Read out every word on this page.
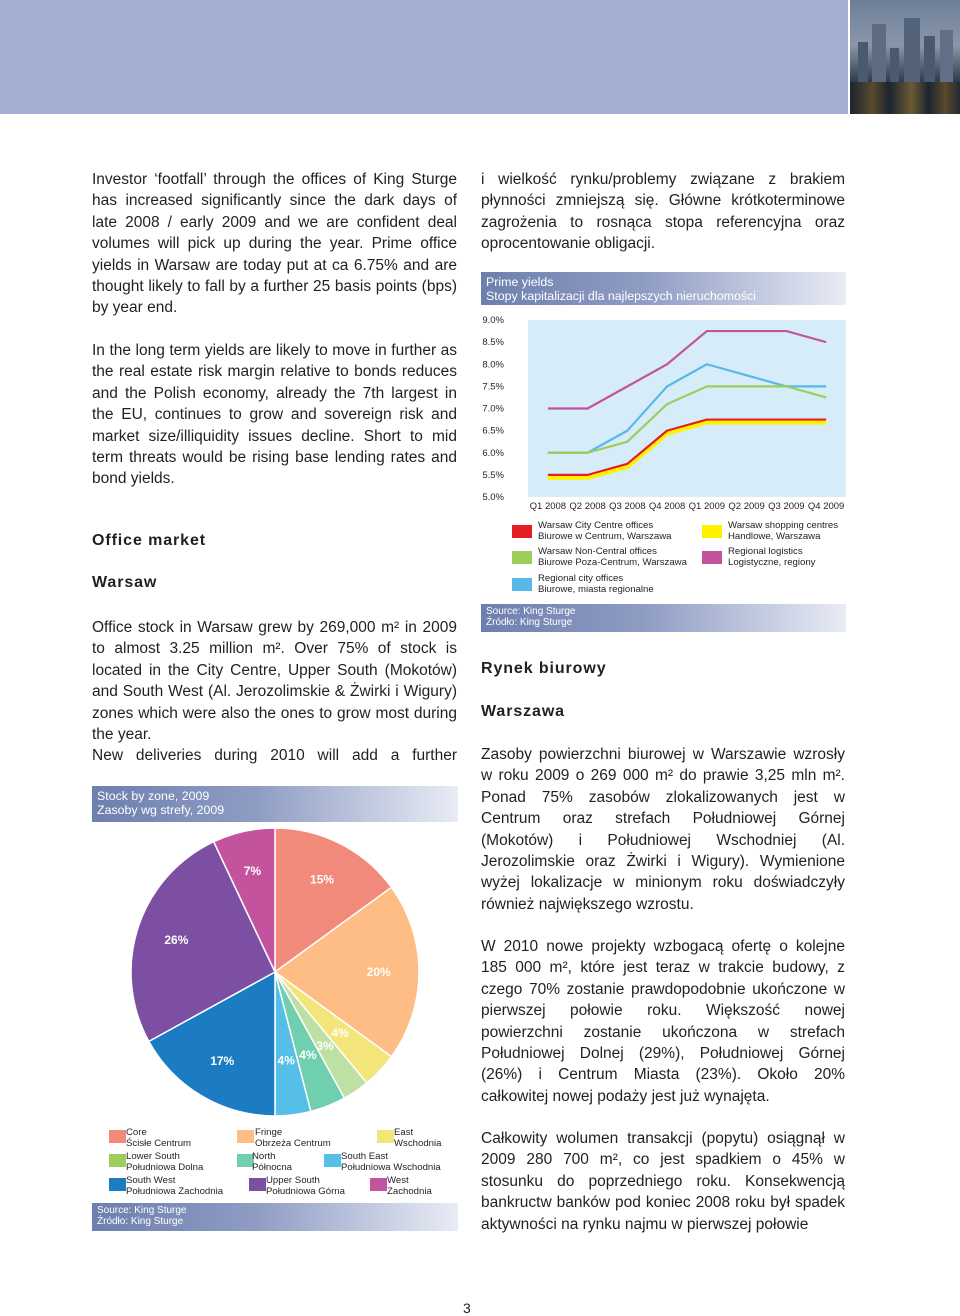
Investor ‘footfall’ through the offices of King Sturge has increased significantly since the dark days of late 2008 / early 2009 and we are confident deal volumes will pick up during the year. Prime office yields in Warsaw are today put at ca 6.75% and are thought likely to fall by a further 25 basis points (bps) by year end.

In the long term yields are likely to move in further as the real estate risk margin relative to bonds reduces and the Polish economy, already the 7th largest in the EU, continues to grow and sovereign risk and market size/illiquidity issues decline. Short to mid term threats would be rising base lending rates and bond yields.

Office market
Warsaw

Office stock in Warsaw grew by 269,000 m² in 2009 to almost 3.25 million m². Over 75% of stock is located in the City Centre, Upper South (Mokotów) and South West (Al. Jerozolimskie & Żwirki i Wigury) zones which were also the ones to grow most during the year.

New deliveries during 2010 will add a further

Stock by zone, 2009
Zasoby wg strefy, 2009
15%
20%
4%
3%
4%
4%
17%
26%
7%
Core
Ścisłe Centrum
Fringe
Obrzeża Centrum
East
Wschodnia
Lower South
Południowa Dolna
North
Północna
South East
Południowa Wschodnia
South West
Południowa Zachodnia
Upper South
Południowa Górna
West
Zachodnia
Source: King Sturge
Źródło: King Sturge

i wielkość rynku/problemy związane z brakiem płynności zmniejszą się. Główne krótkoterminowe zagrożenia to rosnąca stopa referencyjna oraz oprocentowanie obligacji.

Prime yields
Stopy kapitalizacji dla najlepszych nieruchomości
9.0%
8.5%
8.0%
7.5%
7.0%
6.5%
6.0%
5.5%
5.0%
Q1 2008 Q2 2008 Q3 2008 Q4 2008 Q1 2009 Q2 2009 Q3 2009 Q4 2009
Warsaw City Centre offices
Biurowe w Centrum, Warszawa
Warsaw shopping centres
Handlowe, Warszawa
Warsaw Non-Central offices
Biurowe Poza-Centrum, Warszawa
Regional logistics
Logistyczne, regiony
Regional city offices
Biurowe, miasta regionalne
Source: King Sturge
Źródło: King Sturge
Rynek biurowy
Warszawa

Zasoby powierzchni biurowej w Warszawie wzrosły w roku 2009 o 269 000 m² do prawie 3,25 mln m². Ponad 75% zasobów zlokalizowanych jest w Centrum oraz strefach Południowej Górnej (Mokotów) i Południowej Wschodniej (Al. Jerozolimskie oraz Żwirki i Wigury). Wymienione wyżej lokalizacje w minionym roku doświadczyły również największego wzrostu.

W 2010 nowe projekty wzbogacą ofertę o kolejne 185 000 m², które jest teraz w trakcie budowy, z czego 70% zostanie prawdopodobnie ukończone w pierwszej połowie roku. Większość nowej powierzchni zostanie ukończona w strefach Południowej Dolnej (29%), Południowej Górnej (26%) i Centrum Miasta (23%). Około 20% całkowitej nowej podaży jest już wynajęta.

Całkowity wolumen transakcji (popytu) osiągnął w 2009 280 700 m², co jest spadkiem o 45% w stosunku do poprzedniego roku. Konsekwencją bankructw banków pod koniec 2008 roku był spadek aktywności na rynku najmu w pierwszej połowie

3
